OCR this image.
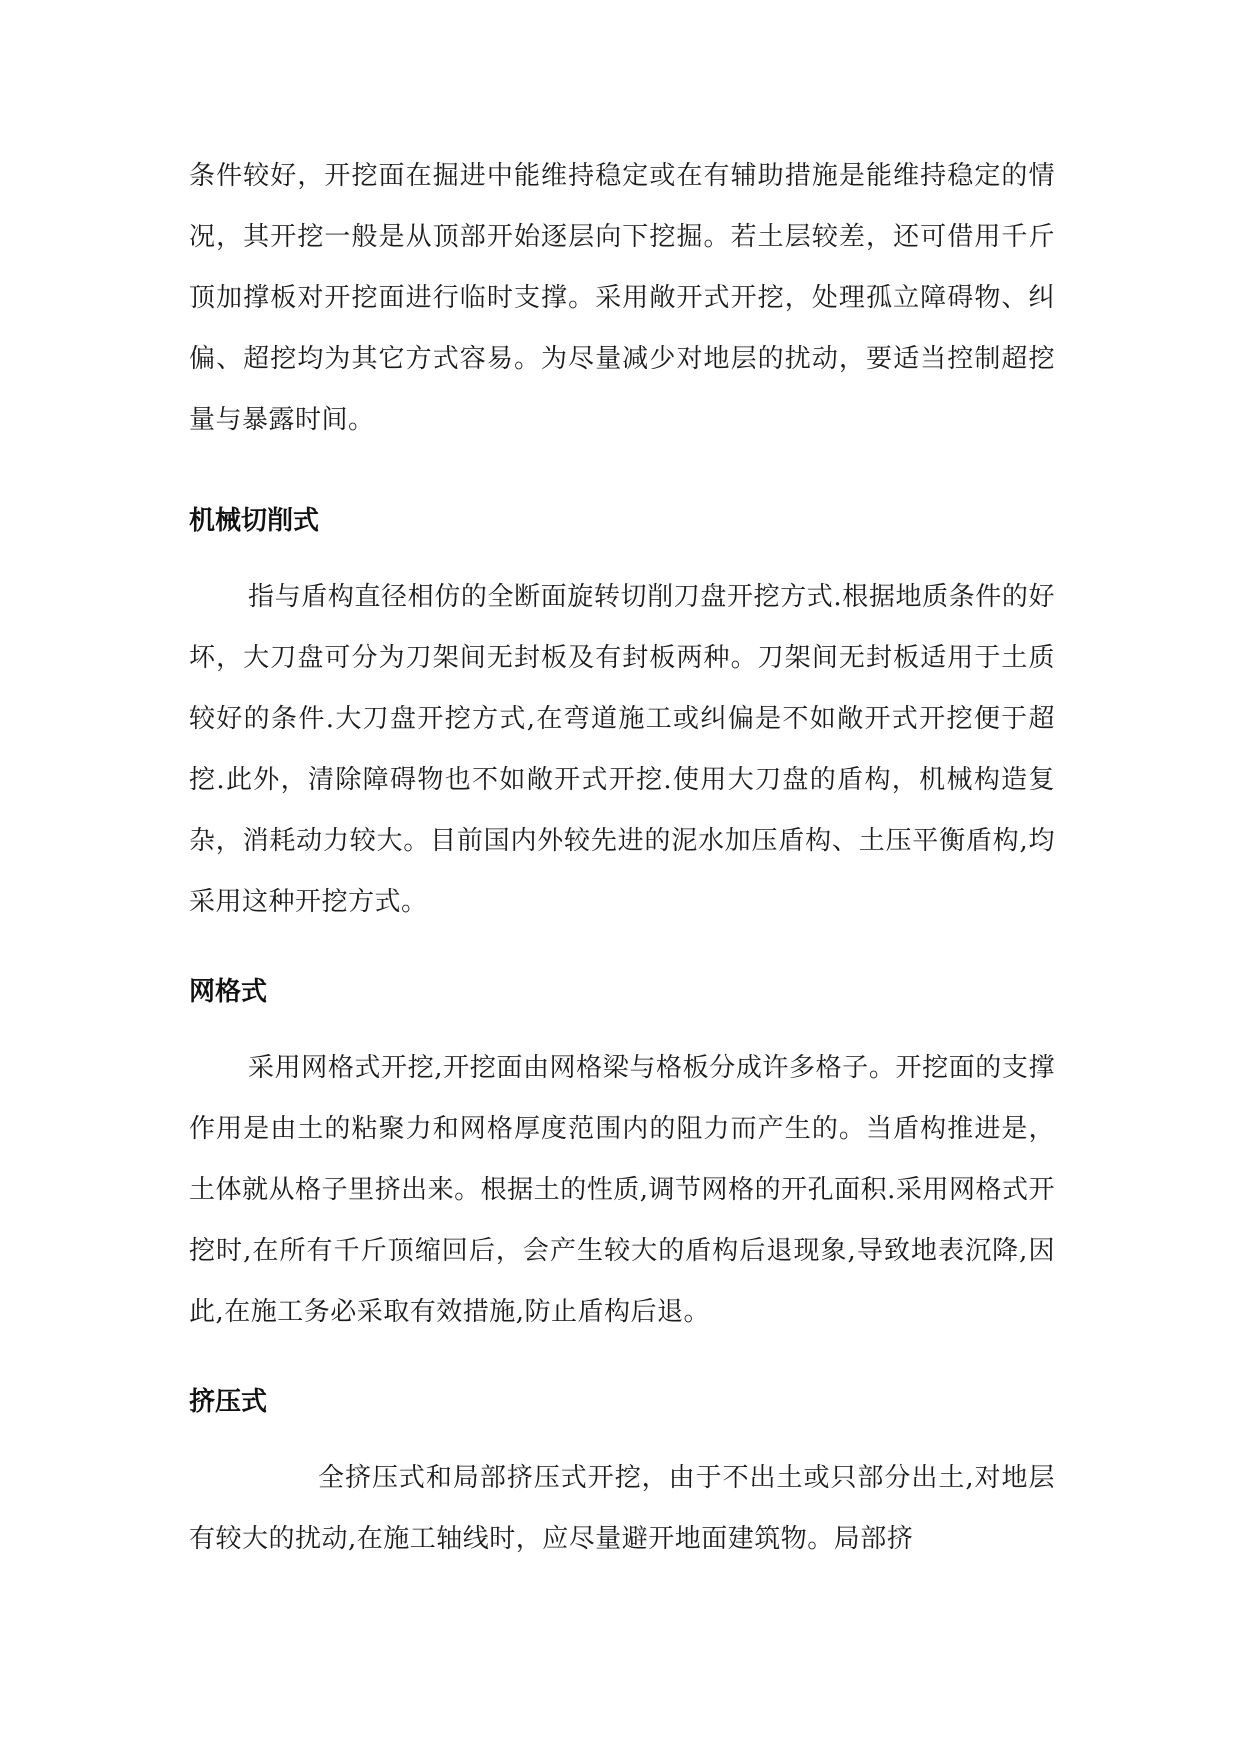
条件较好，开挖面在掘进中能维持稳定或在有辅助措施是能维持稳定的情况，其开挖一般是从顶部开始逐层向下挖掘。若土层较差，还可借用千斤顶加撑板对开挖面进行临时支撑。采用敞开式开挖，处理孤立障碍物、纠偏、超挖均为其它方式容易。为尽量减少对地层的扰动，要适当控制超挖量与暴露时间。

机械切削式

指与盾构直径相仿的全断面旋转切削刀盘开挖方式.根据地质条件的好坏，大刀盘可分为刀架间无封板及有封板两种。刀架间无封板适用于土质较好的条件.大刀盘开挖方式,在弯道施工或纠偏是不如敞开式开挖便于超挖.此外，清除障碍物也不如敞开式开挖.使用大刀盘的盾构，机械构造复杂，消耗动力较大。目前国内外较先进的泥水加压盾构、土压平衡盾构,均采用这种开挖方式。

网格式

采用网格式开挖,开挖面由网格梁与格板分成许多格子。开挖面的支撑作用是由土的粘聚力和网格厚度范围内的阻力而产生的。当盾构推进是，土体就从格子里挤出来。根据土的性质,调节网格的开孔面积.采用网格式开挖时,在所有千斤顶缩回后，会产生较大的盾构后退现象,导致地表沉降,因此,在施工务必采取有效措施,防止盾构后退。

挤压式

全挤压式和局部挤压式开挖，由于不出土或只部分出土,对地层有较大的扰动,在施工轴线时，应尽量避开地面建筑物。局部挤
